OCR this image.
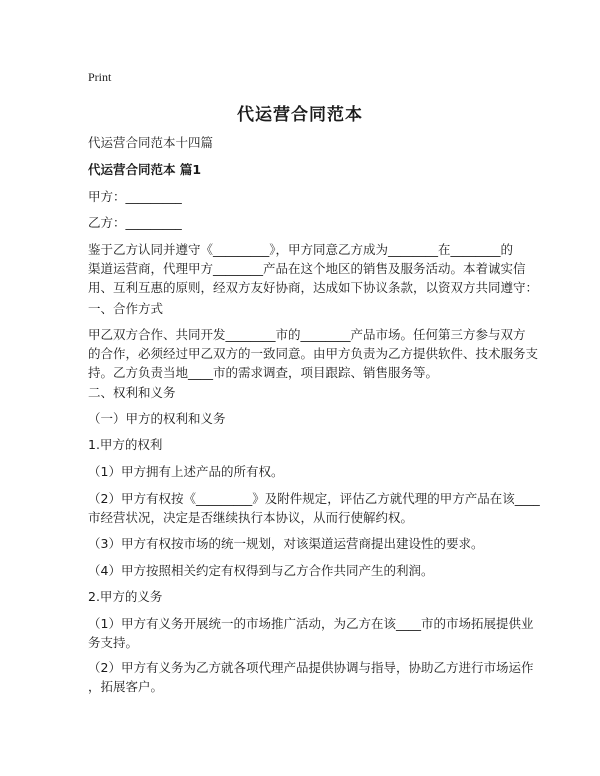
Print
代运营合同范本
代运营合同范本十四篇
代运营合同范本 篇1
甲方：_________
乙方：_________
鉴于乙方认同并遵守《_________》，甲方同意乙方成为________在________的
渠道运营商，代理甲方________产品在这个地区的销售及服务活动。本着诚实信
用、互利互惠的原则，经双方友好协商，达成如下协议条款，以资双方共同遵守：
一、合作方式
甲乙双方合作、共同开发________市的________产品市场。任何第三方参与双方
的合作，必须经过甲乙双方的一致同意。由甲方负责为乙方提供软件、技术服务支
持。乙方负责当地____市的需求调查，项目跟踪、销售服务等。
二、权利和义务
（一）甲方的权利和义务
1.甲方的权利
（1）甲方拥有上述产品的所有权。
（2）甲方有权按《_________》及附件规定，评估乙方就代理的甲方产品在该____
市经营状况，决定是否继续执行本协议，从而行使解约权。
（3）甲方有权按市场的统一规划，对该渠道运营商提出建设性的要求。
（4）甲方按照相关约定有权得到与乙方合作共同产生的利润。
2.甲方的义务
（1）甲方有义务开展统一的市场推广活动，为乙方在该____市的市场拓展提供业
务支持。
（2）甲方有义务为乙方就各项代理产品提供协调与指导，协助乙方进行市场运作
，拓展客户。
